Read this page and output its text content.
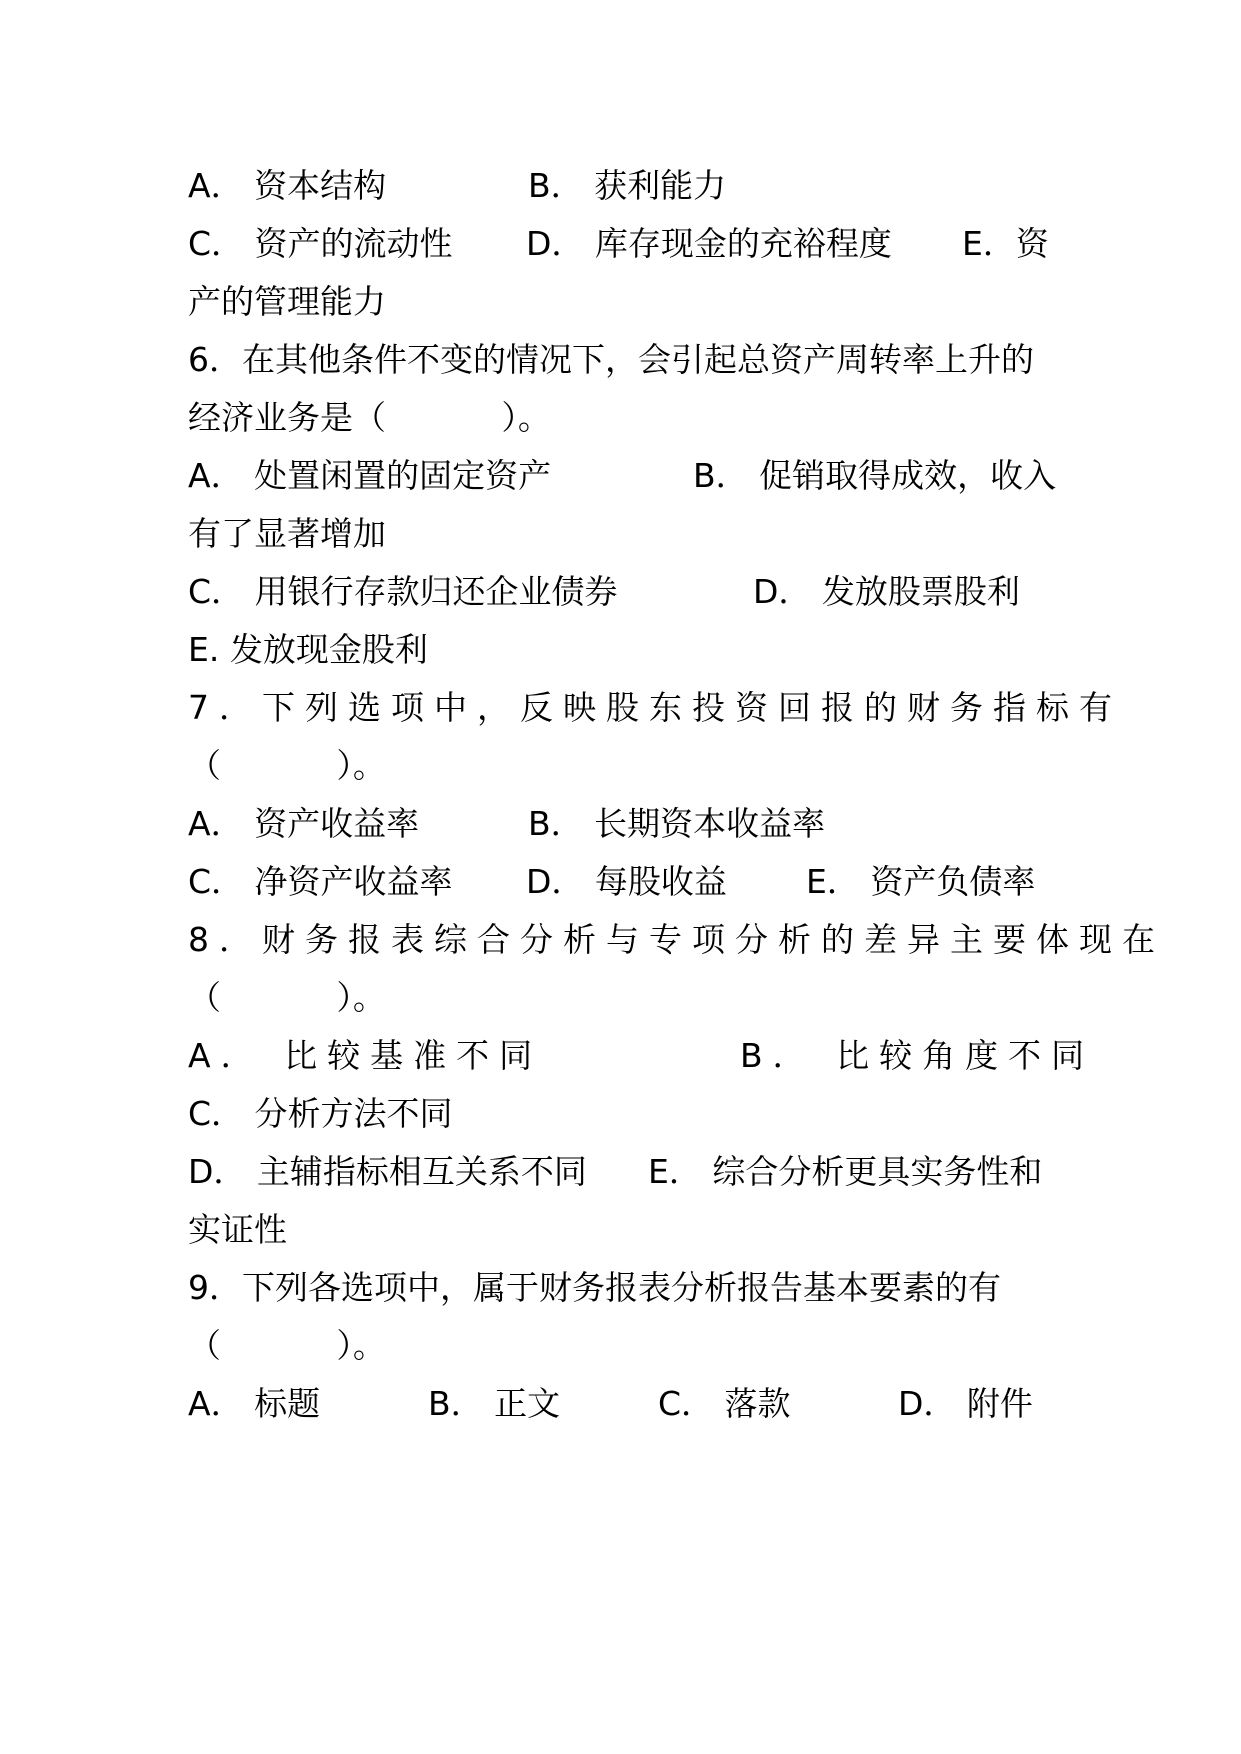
A． 资本结构	B． 获利能力
C． 资产的流动性 D． 库存现金的充裕程度 E．资
产的管理能力
6．在其他条件不变的情况下，会引起总资产周转率上升的
经济业务是（           ）。
A． 处置闲置的固定资产	B． 促销取得成效，收入
有了显著增加
C． 用银行存款归还企业债券	D． 发放股票股利
E. 发放现金股利
7．下列选项中，反映股东投资回报的财务指标有
（           ）。
A． 资产收益率	B． 长期资本收益率
C． 净资产收益率 D． 每股收益 E． 资产负债率
8．财务报表综合分析与专项分析的差异主要体现在
（           ）。
A． 比较基准不同	B． 比较角度不同
C． 分析方法不同
D． 主辅指标相互关系不同 E． 综合分析更具实务性和
实证性
9．下列各选项中，属于财务报表分析报告基本要素的有
（           ）。
A． 标题	B． 正文	C． 落款	D． 附件
